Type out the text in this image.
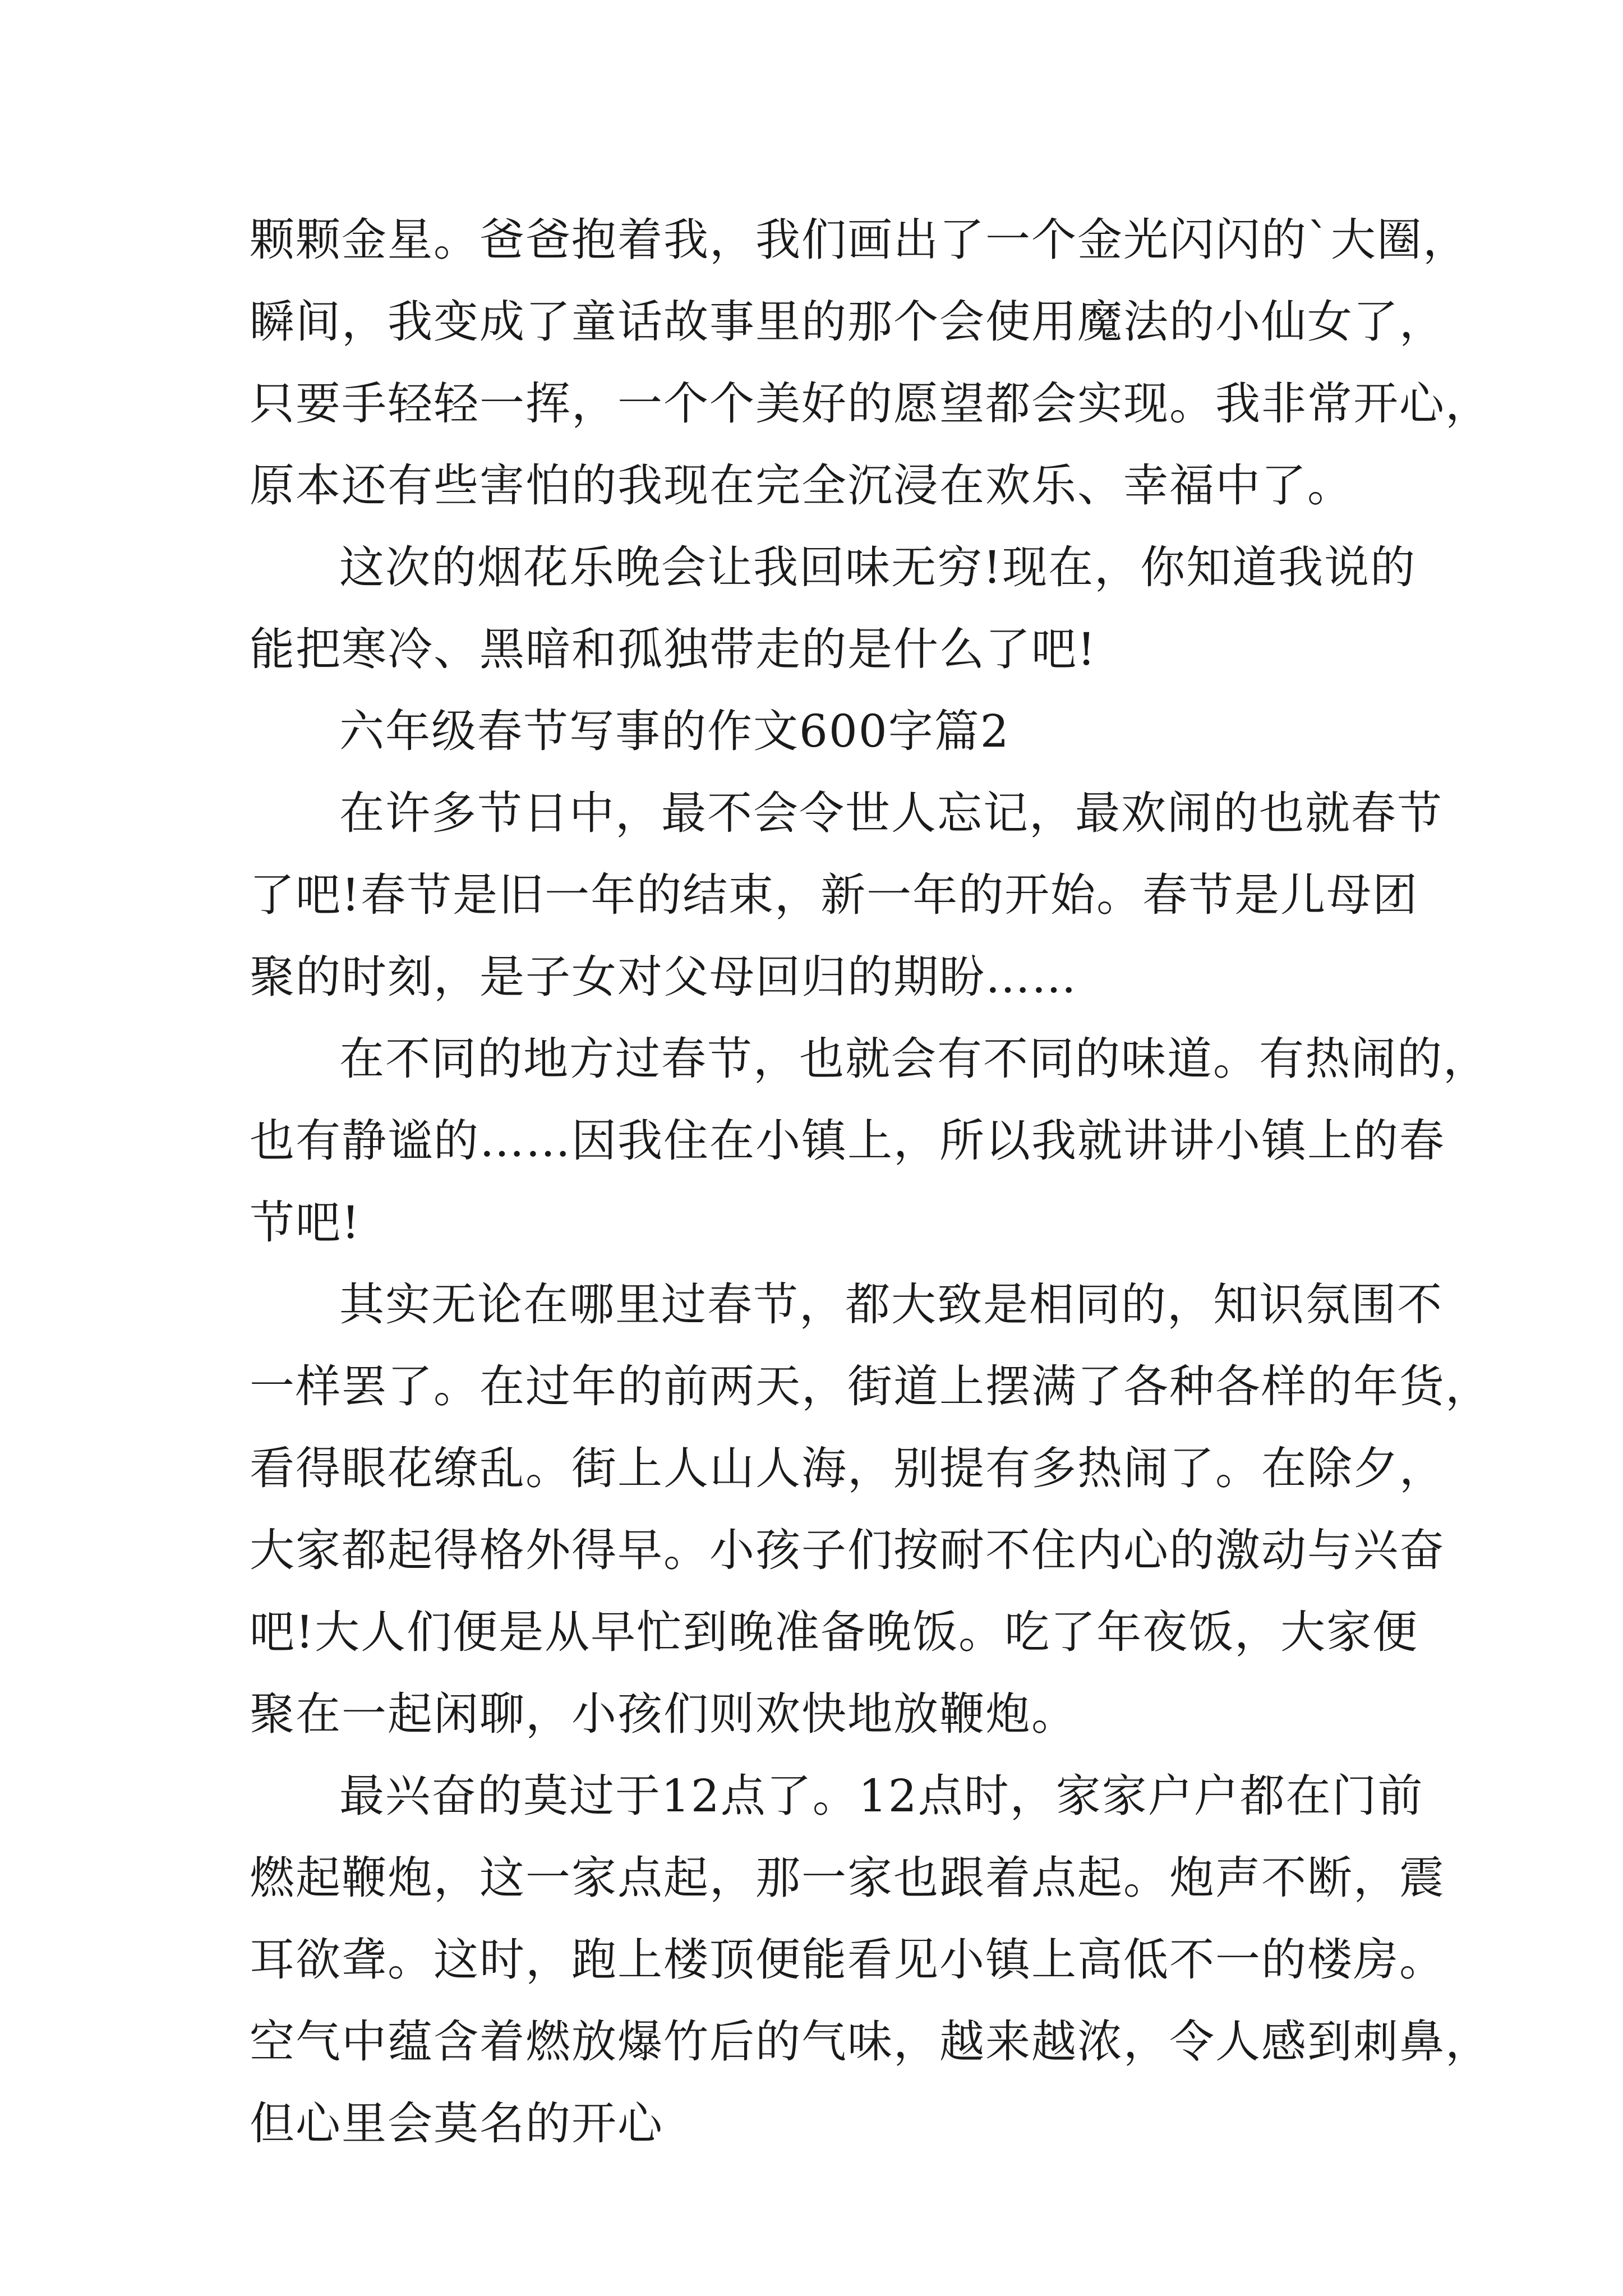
颗颗金星。爸爸抱着我，我们画出了一个金光闪闪的`大圈，
瞬间，我变成了童话故事里的那个会使用魔法的小仙女了，
只要手轻轻一挥，一个个美好的愿望都会实现。我非常开心，
原本还有些害怕的我现在完全沉浸在欢乐、幸福中了。
这次的烟花乐晚会让我回味无穷!现在，你知道我说的
能把寒冷、黑暗和孤独带走的是什么了吧!
六年级春节写事的作文600字篇2
在许多节日中，最不会令世人忘记，最欢闹的也就春节
了吧!春节是旧一年的结束，新一年的开始。春节是儿母团
聚的时刻，是子女对父母回归的期盼……
在不同的地方过春节，也就会有不同的味道。有热闹的，
也有静谧的……因我住在小镇上，所以我就讲讲小镇上的春
节吧!
其实无论在哪里过春节，都大致是相同的，知识氛围不
一样罢了。在过年的前两天，街道上摆满了各种各样的年货，
看得眼花缭乱。街上人山人海，别提有多热闹了。在除夕，
大家都起得格外得早。小孩子们按耐不住内心的激动与兴奋
吧!大人们便是从早忙到晚准备晚饭。吃了年夜饭，大家便
聚在一起闲聊，小孩们则欢快地放鞭炮。
最兴奋的莫过于12点了。12点时，家家户户都在门前
燃起鞭炮，这一家点起，那一家也跟着点起。炮声不断，震
耳欲聋。这时，跑上楼顶便能看见小镇上高低不一的楼房。
空气中蕴含着燃放爆竹后的气味，越来越浓，令人感到刺鼻，
但心里会莫名的开心
